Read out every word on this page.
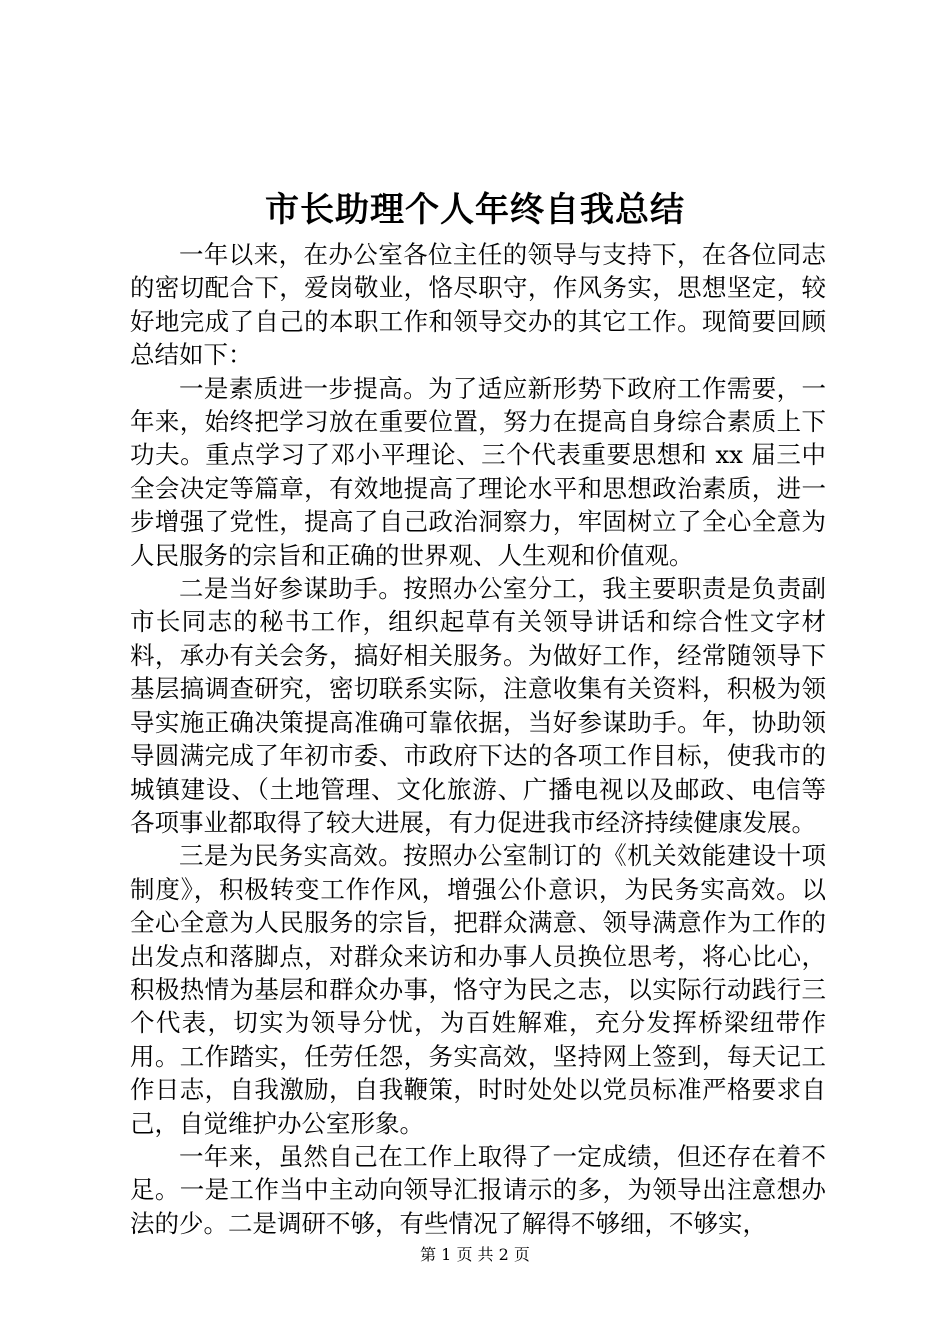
市长助理个人年终自我总结

一年以来，在办公室各位主任的领导与支持下，在各位同志的密切配合下，爱岗敬业，恪尽职守，作风务实，思想坚定，较好地完成了自己的本职工作和领导交办的其它工作。现简要回顾总结如下：

一是素质进一步提高。为了适应新形势下政府工作需要，一年来，始终把学习放在重要位置，努力在提高自身综合素质上下功夫。重点学习了邓小平理论、三个代表重要思想和 xx 届三中全会决定等篇章，有效地提高了理论水平和思想政治素质，进一步增强了党性，提高了自己政治洞察力，牢固树立了全心全意为人民服务的宗旨和正确的世界观、人生观和价值观。

二是当好参谋助手。按照办公室分工，我主要职责是负责副市长同志的秘书工作，组织起草有关领导讲话和综合性文字材料，承办有关会务，搞好相关服务。为做好工作，经常随领导下基层搞调查研究，密切联系实际，注意收集有关资料，积极为领导实施正确决策提高准确可靠依据，当好参谋助手。年，协助领导圆满完成了年初市委、市政府下达的各项工作目标，使我市的城镇建设、（土地管理、文化旅游、广播电视以及邮政、电信等各项事业都取得了较大进展，有力促进我市经济持续健康发展。

三是为民务实高效。按照办公室制订的《机关效能建设十项制度》，积极转变工作作风，增强公仆意识，为民务实高效。以全心全意为人民服务的宗旨，把群众满意、领导满意作为工作的出发点和落脚点，对群众来访和办事人员换位思考，将心比心，积极热情为基层和群众办事，恪守为民之志，以实际行动践行三个代表，切实为领导分忧，为百姓解难，充分发挥桥梁纽带作用。工作踏实，任劳任怨，务实高效，坚持网上签到，每天记工作日志，自我激励，自我鞭策，时时处处以党员标准严格要求自己，自觉维护办公室形象。

一年来，虽然自己在工作上取得了一定成绩，但还存在着不足。一是工作当中主动向领导汇报请示的多，为领导出注意想办法的少。二是调研不够，有些情况了解得不够细，不够实，

第 1 页 共 2 页
